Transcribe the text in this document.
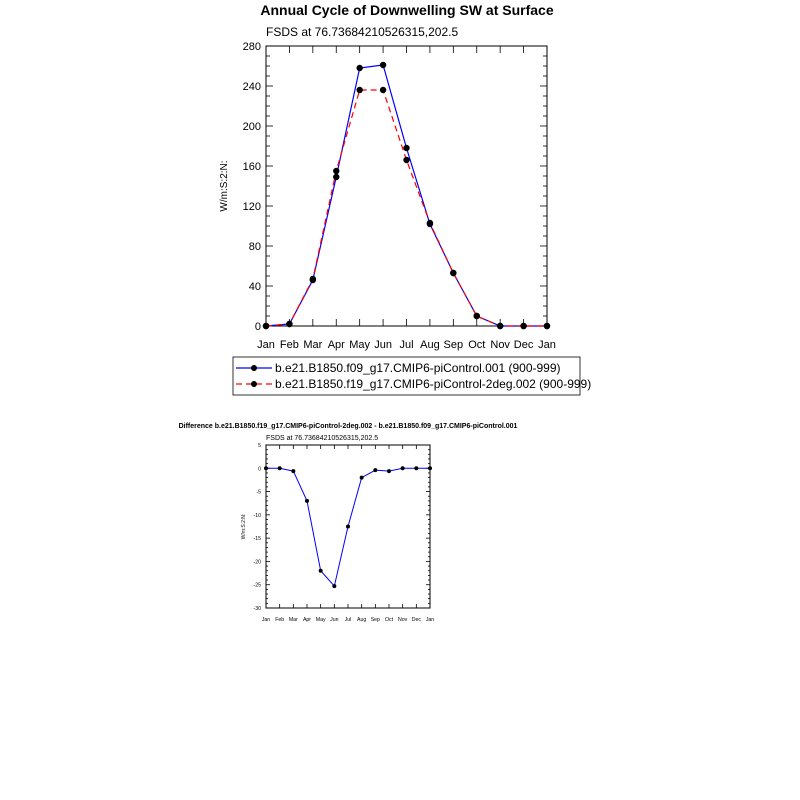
Annual Cycle of Downwelling SW at Surface
FSDS at 76.73684210526315,202.5
W/m:S:2:N:
0
40
80
120
160
200
240
280
Jan Feb Mar Apr May Jun Jul Aug Sep Oct Nov Dec Jan
b.e21.B1850.f09_g17.CMIP6-piControl.001 (900-999)
b.e21.B1850.f19_g17.CMIP6-piControl-2deg.002 (900-999)
Difference b.e21.B1850.f19_g17.CMIP6-piControl-2deg.002 - b.e21.B1850.f09_g17.CMIP6-piControl.001
FSDS at 76.73684210526315,202.5
W/m:S:2:N:
5
0
-5
-10
-15
-20
-25
-30
Jan Feb Mar Apr May Jun Jul Aug Sep Oct Nov Dec Jan
